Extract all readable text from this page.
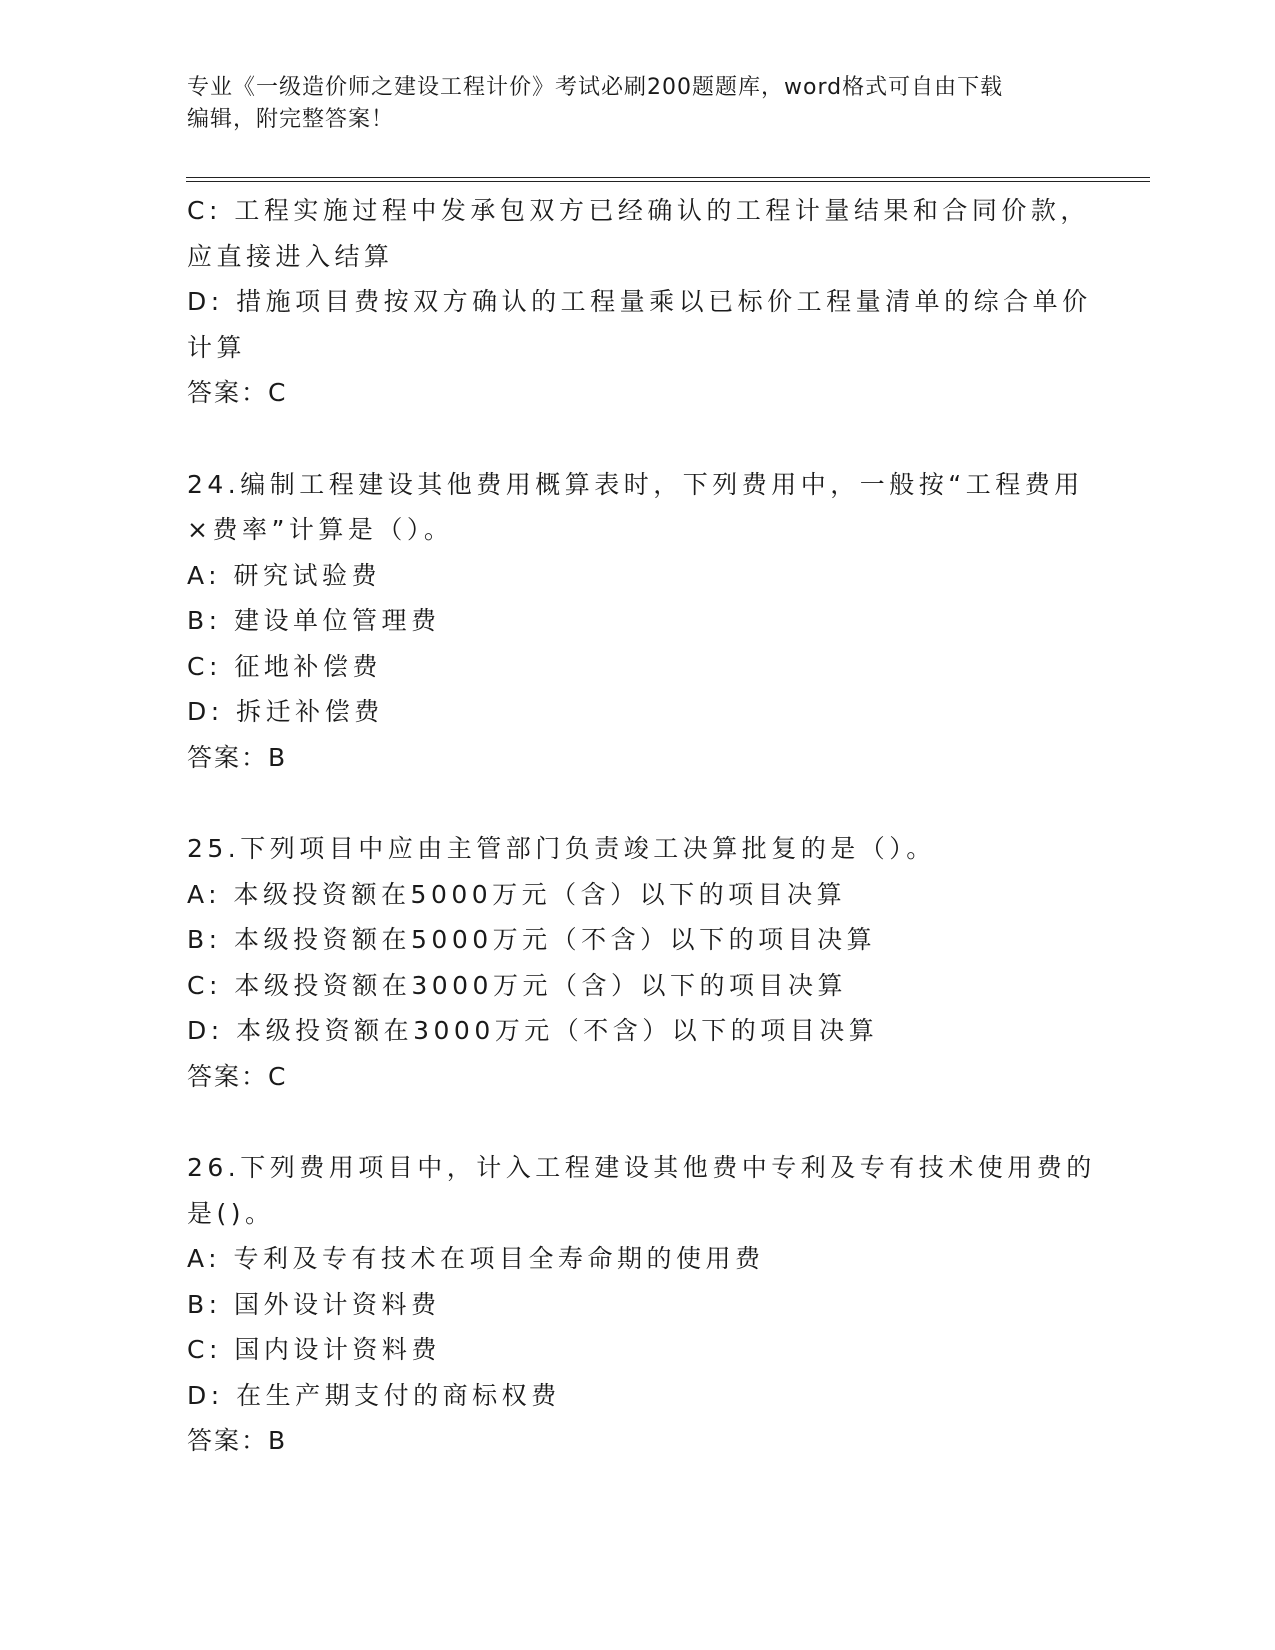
专业《一级造价师之建设工程计价》考试必刷200题题库，word格式可自由下载
编辑，附完整答案！
C: 工程实施过程中发承包双方已经确认的工程计量结果和合同价款，
应直接进入结算
D: 措施项目费按双方确认的工程量乘以已标价工程量清单的综合单价
计算
答案：C
24.编制工程建设其他费用概算表时，下列费用中，一般按“工程费用
×费率”计算是（）。
A: 研究试验费
B: 建设单位管理费
C: 征地补偿费
D: 拆迁补偿费
答案：B
25.下列项目中应由主管部门负责竣工决算批复的是（）。
A: 本级投资额在5000万元（含）以下的项目决算
B: 本级投资额在5000万元（不含）以下的项目决算
C: 本级投资额在3000万元（含）以下的项目决算
D: 本级投资额在3000万元（不含）以下的项目决算
答案：C
26.下列费用项目中，计入工程建设其他费中专利及专有技术使用费的
是()。
A: 专利及专有技术在项目全寿命期的使用费
B: 国外设计资料费
C: 国内设计资料费
D: 在生产期支付的商标权费
答案：B
